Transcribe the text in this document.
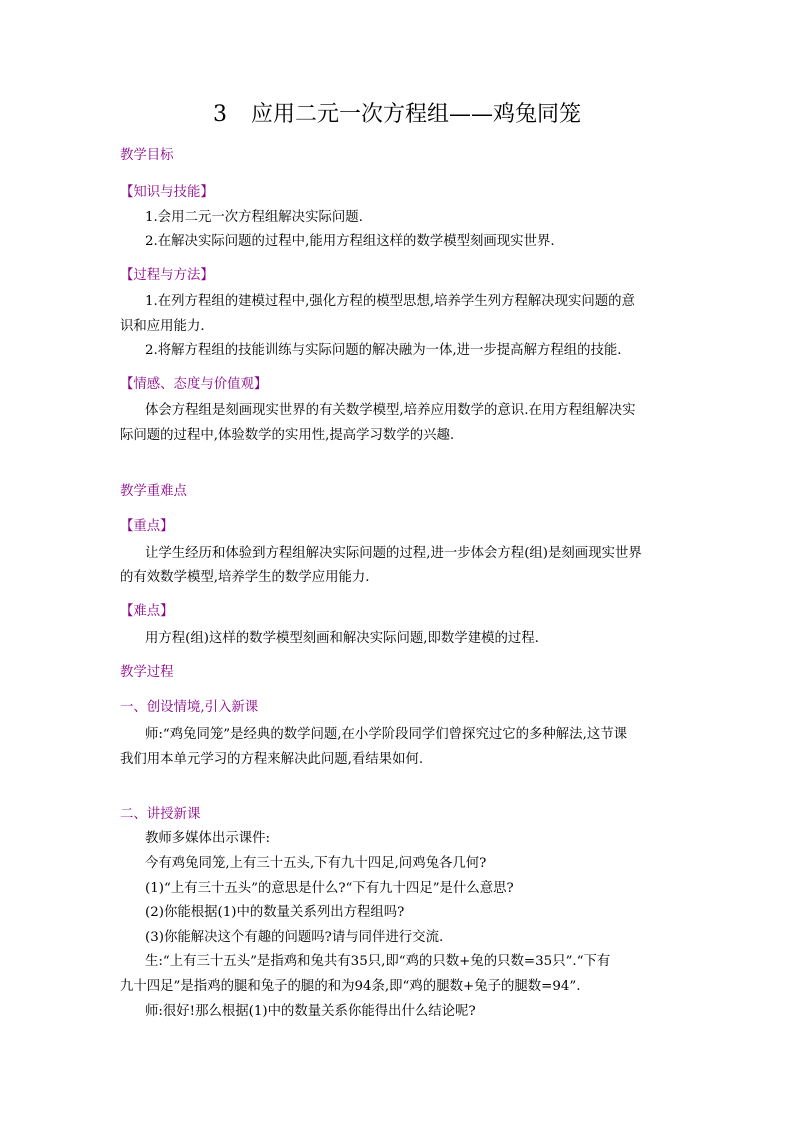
3 应用二元一次方程组——鸡兔同笼
教学目标
【知识与技能】
1.会用二元一次方程组解决实际问题.
2.在解决实际问题的过程中,能用方程组这样的数学模型刻画现实世界.
【过程与方法】
1.在列方程组的建模过程中,强化方程的模型思想,培养学生列方程解决现实问题的意
识和应用能力.
2.将解方程组的技能训练与实际问题的解决融为一体,进一步提高解方程组的技能.
【情感、态度与价值观】
体会方程组是刻画现实世界的有关数学模型,培养应用数学的意识.在用方程组解决实
际问题的过程中,体验数学的实用性,提高学习数学的兴趣.
教学重难点
【重点】
让学生经历和体验到方程组解决实际问题的过程,进一步体会方程(组)是刻画现实世界
的有效数学模型,培养学生的数学应用能力.
【难点】
用方程(组)这样的数学模型刻画和解决实际问题,即数学建模的过程.
教学过程
一、创设情境,引入新课
师:“鸡兔同笼”是经典的数学问题,在小学阶段同学们曾探究过它的多种解法,这节课
我们用本单元学习的方程来解决此问题,看结果如何.
二、讲授新课
教师多媒体出示课件:
今有鸡兔同笼,上有三十五头,下有九十四足,问鸡兔各几何?
(1)“上有三十五头”的意思是什么?“下有九十四足”是什么意思?
(2)你能根据(1)中的数量关系列出方程组吗?
(3)你能解决这个有趣的问题吗?请与同伴进行交流.
生:“上有三十五头”是指鸡和兔共有35只,即“鸡的只数+兔的只数=35只”.“下有
九十四足”是指鸡的腿和兔子的腿的和为94条,即“鸡的腿数+兔子的腿数=94”.
师:很好!那么根据(1)中的数量关系你能得出什么结论呢?
